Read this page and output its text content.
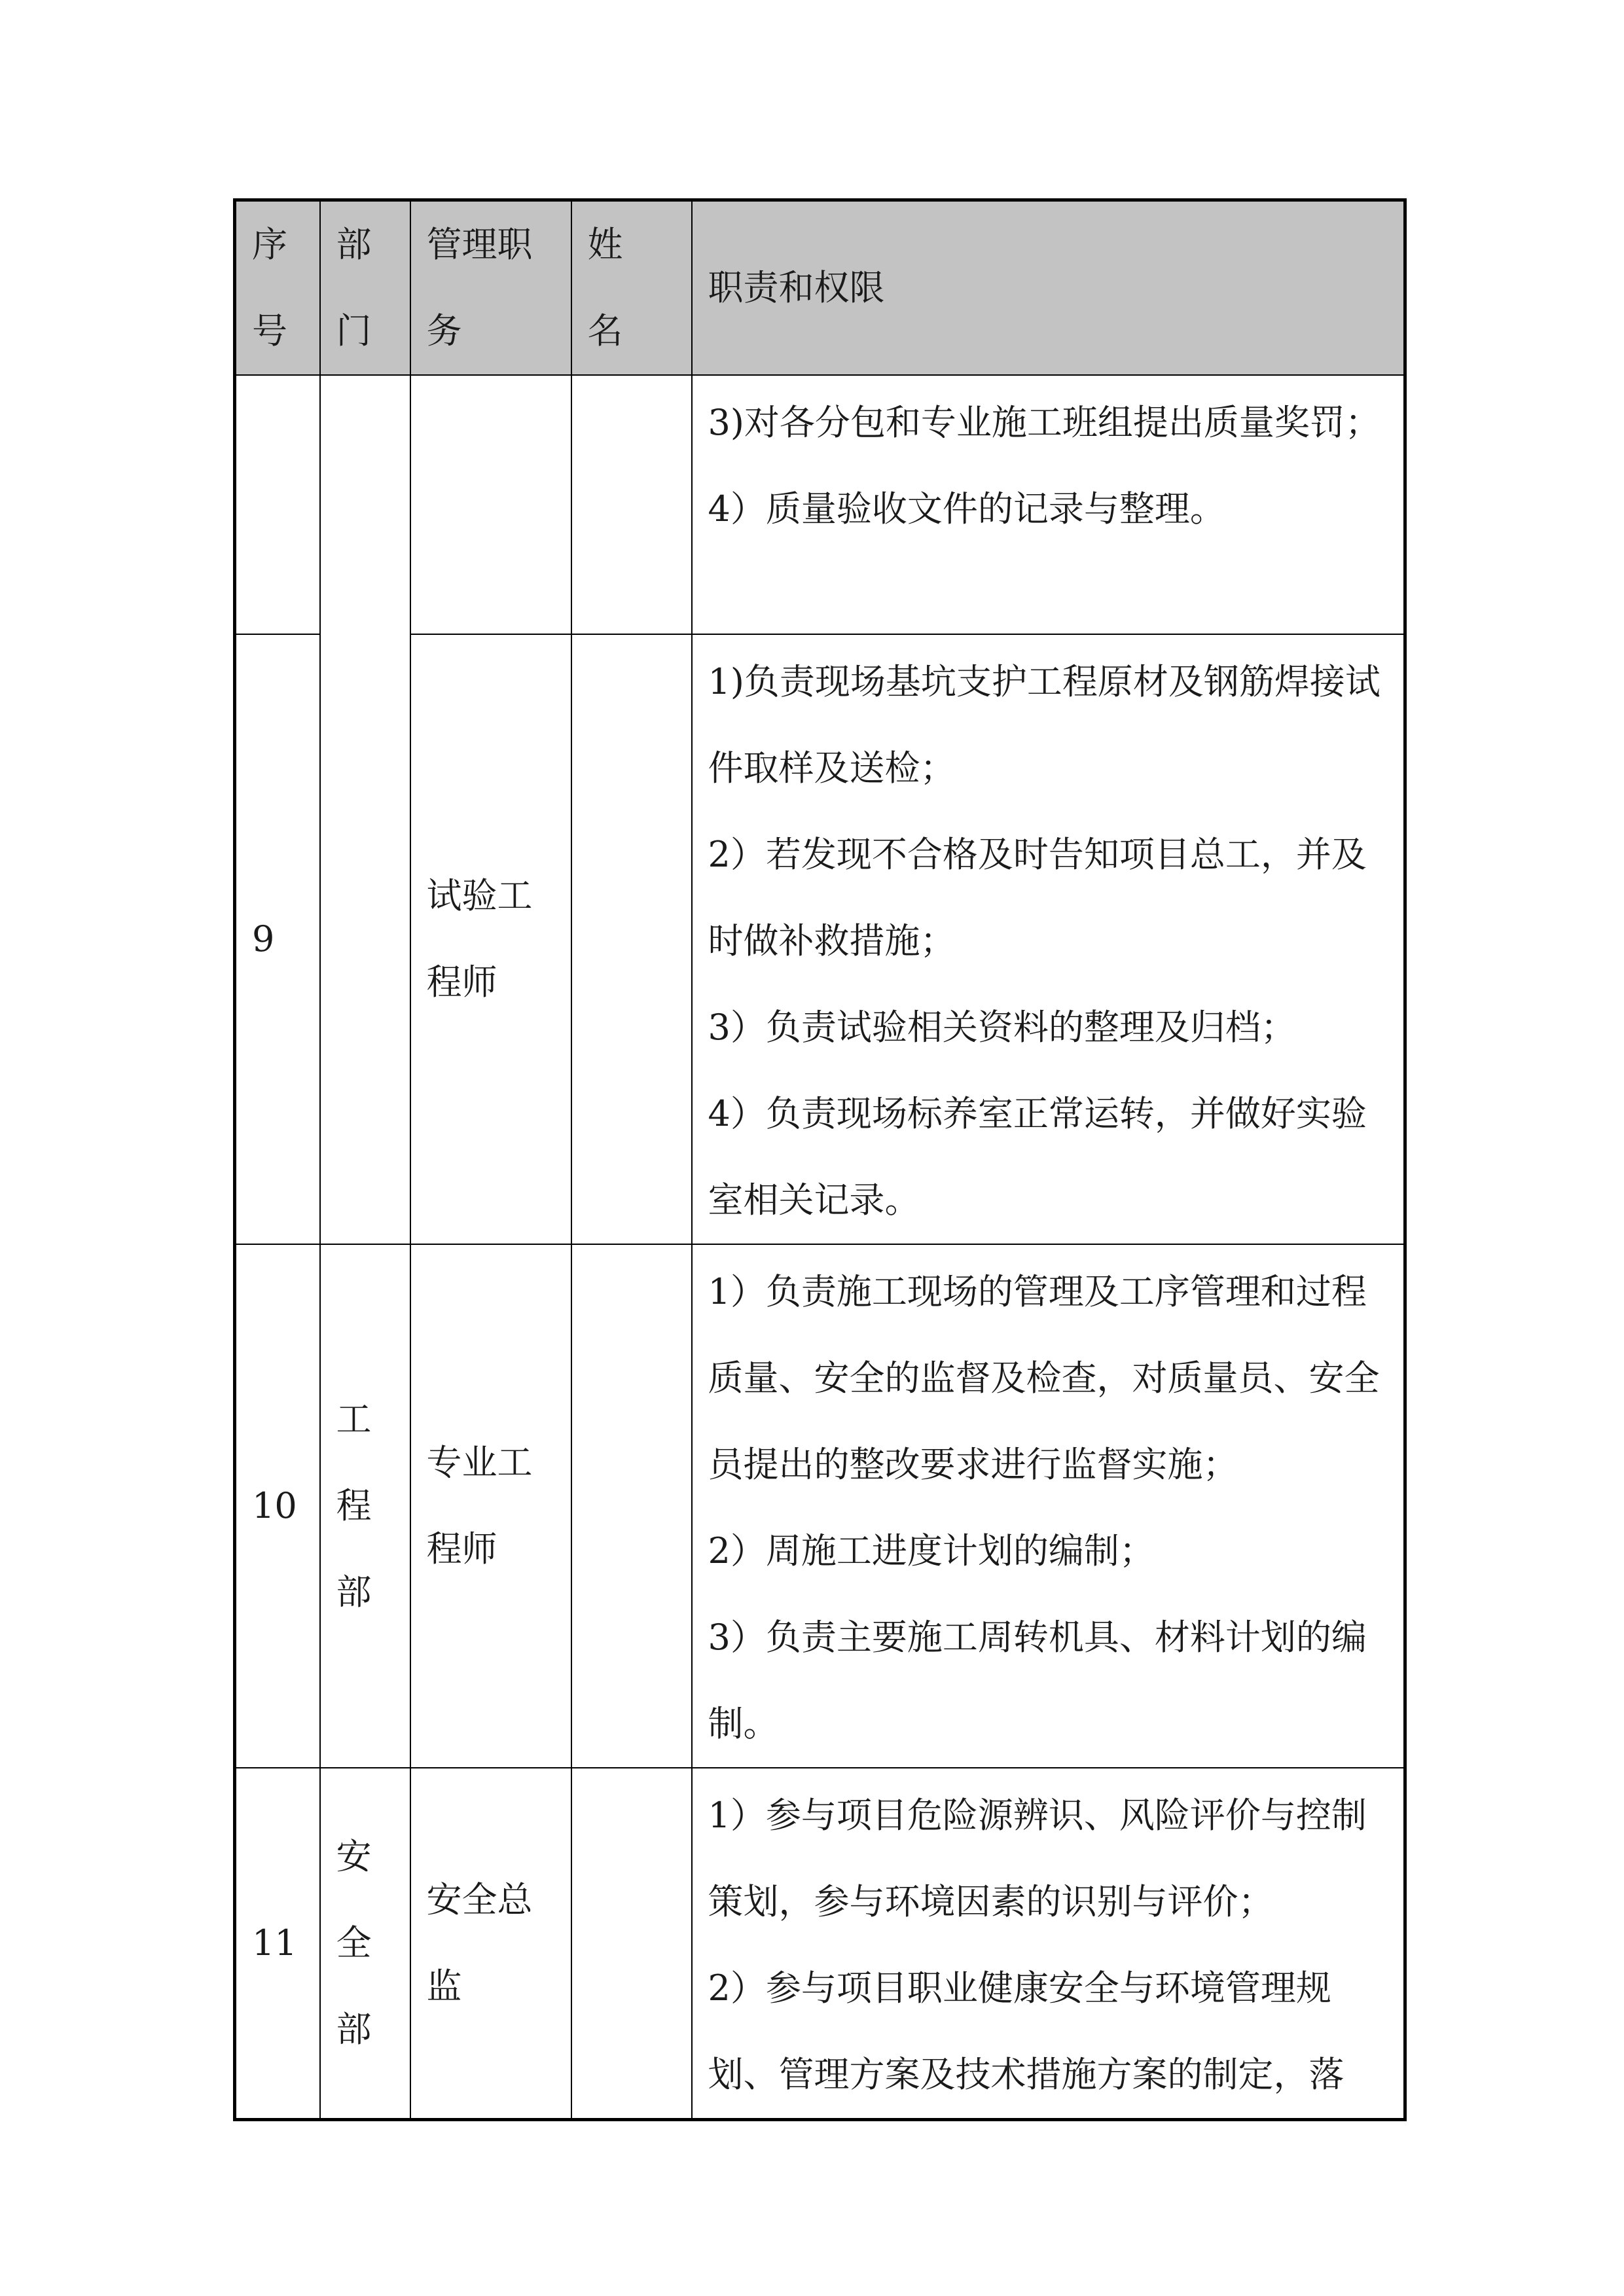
序号	部门	管理职务	姓名	职责和权限

				3)对各分包和专业施工班组提出质量奖罚；

4）质量验收文件的记录与整理。

9		试验工程师		1)负责现场基坑支护工程原材及钢筋焊接试件取样及送检；

2）若发现不合格及时告知项目总工，并及时做补救措施；

3）负责试验相关资料的整理及归档；

4）负责现场标养室正常运转，并做好实验室相关记录。

10	工程部	专业工程师		1）负责施工现场的管理及工序管理和过程质量、安全的监督及检查，对质量员、安全员提出的整改要求进行监督实施；

2）周施工进度计划的编制；

3）负责主要施工周转机具、材料计划的编制。

11	安全部	安全总监		1）参与项目危险源辨识、风险评价与控制策划，参与环境因素的识别与评价；

2）参与项目职业健康安全与环境管理规划、管理方案及技术措施方案的制定，落
